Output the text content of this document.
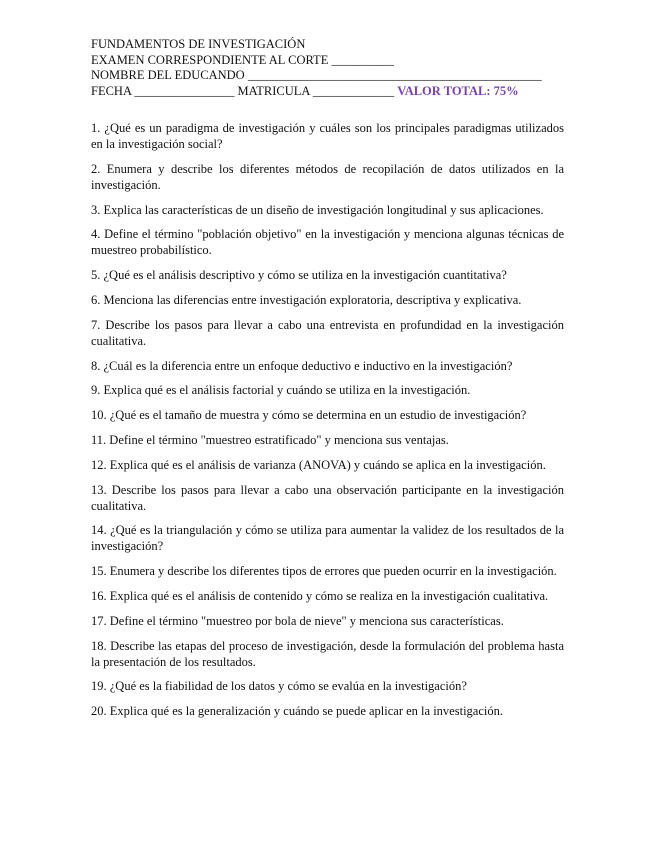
FUNDAMENTOS DE INVESTIGACIÓN
EXAMEN CORRESPONDIENTE AL CORTE __________
NOMBRE DEL EDUCANDO _______________________________________________
FECHA ________________ MATRICULA _____________ VALOR TOTAL: 75%

1. ¿Qué es un paradigma de investigación y cuáles son los principales paradigmas utilizados en la investigación social?

2. Enumera y describe los diferentes métodos de recopilación de datos utilizados en la investigación.

3. Explica las características de un diseño de investigación longitudinal y sus aplicaciones.

4. Define el término "población objetivo" en la investigación y menciona algunas técnicas de muestreo probabilístico.

5. ¿Qué es el análisis descriptivo y cómo se utiliza en la investigación cuantitativa?

6. Menciona las diferencias entre investigación exploratoria, descriptiva y explicativa.

7. Describe los pasos para llevar a cabo una entrevista en profundidad en la investigación cualitativa.

8. ¿Cuál es la diferencia entre un enfoque deductivo e inductivo en la investigación?

9. Explica qué es el análisis factorial y cuándo se utiliza en la investigación.

10. ¿Qué es el tamaño de muestra y cómo se determina en un estudio de investigación?

11. Define el término "muestreo estratificado" y menciona sus ventajas.

12. Explica qué es el análisis de varianza (ANOVA) y cuándo se aplica en la investigación.

13. Describe los pasos para llevar a cabo una observación participante en la investigación cualitativa.

14. ¿Qué es la triangulación y cómo se utiliza para aumentar la validez de los resultados de la investigación?

15. Enumera y describe los diferentes tipos de errores que pueden ocurrir en la investigación.

16. Explica qué es el análisis de contenido y cómo se realiza en la investigación cualitativa.

17. Define el término "muestreo por bola de nieve" y menciona sus características.

18. Describe las etapas del proceso de investigación, desde la formulación del problema hasta la presentación de los resultados.

19. ¿Qué es la fiabilidad de los datos y cómo se evalúa en la investigación?

20. Explica qué es la generalización y cuándo se puede aplicar en la investigación.
